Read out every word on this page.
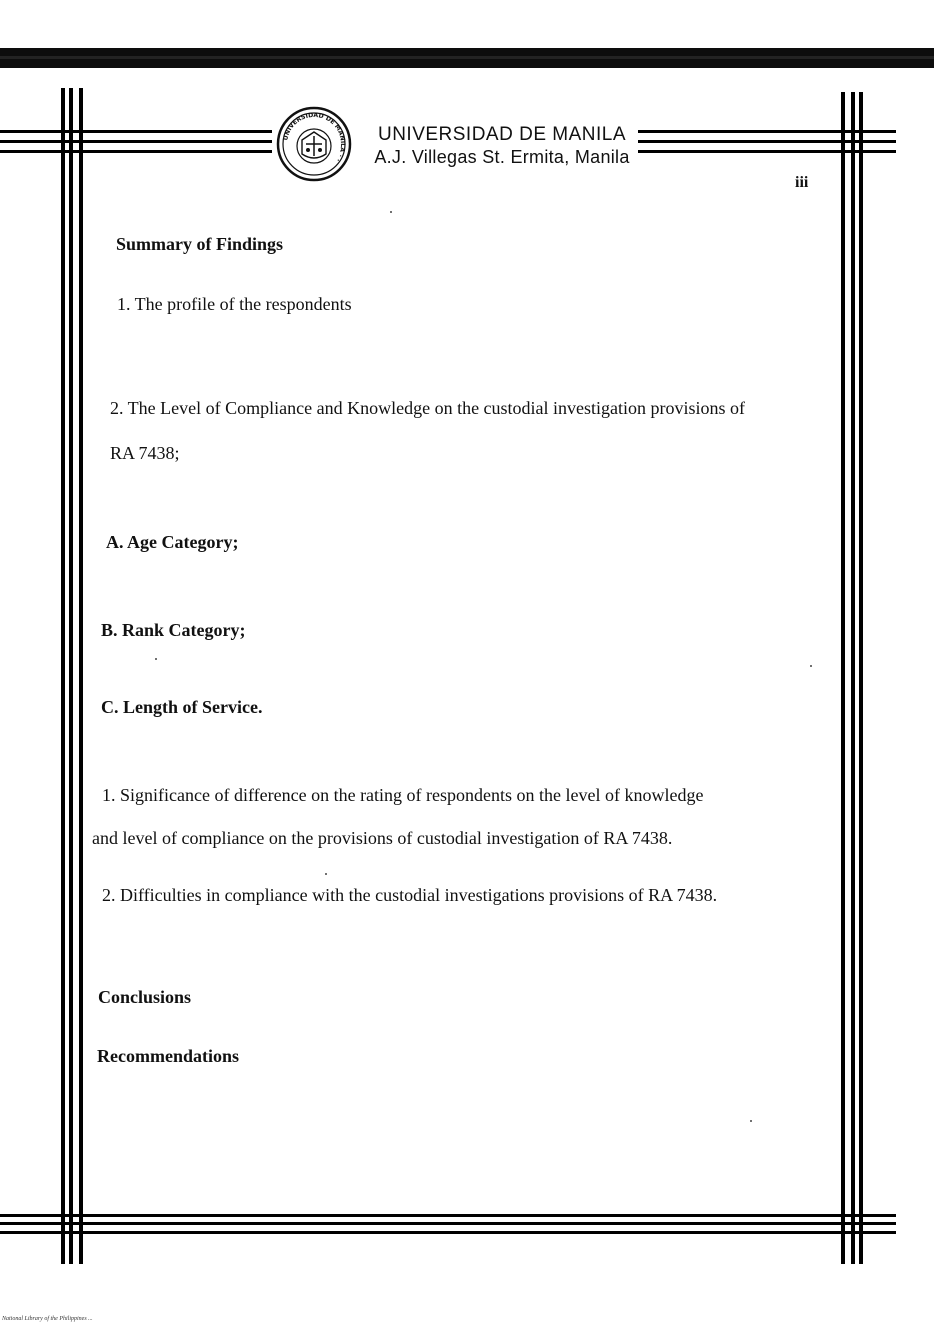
UNIVERSIDAD DE MANILA · ·
UNIVERSIDAD DE MANILA
A.J. Villegas St. Ermita, Manila
iii
Summary of Findings
1. The profile of the respondents
2. The Level of Compliance and Knowledge on the custodial investigation provisions of
RA 7438;
A. Age Category;
B. Rank Category;
C. Length of Service.
1. Significance of difference on the rating of respondents on the level of knowledge
and level of compliance on the provisions of custodial investigation of RA 7438.
2. Difficulties in compliance with the custodial investigations provisions of RA 7438.
Conclusions
Recommendations
National Library of the Philippines ...
